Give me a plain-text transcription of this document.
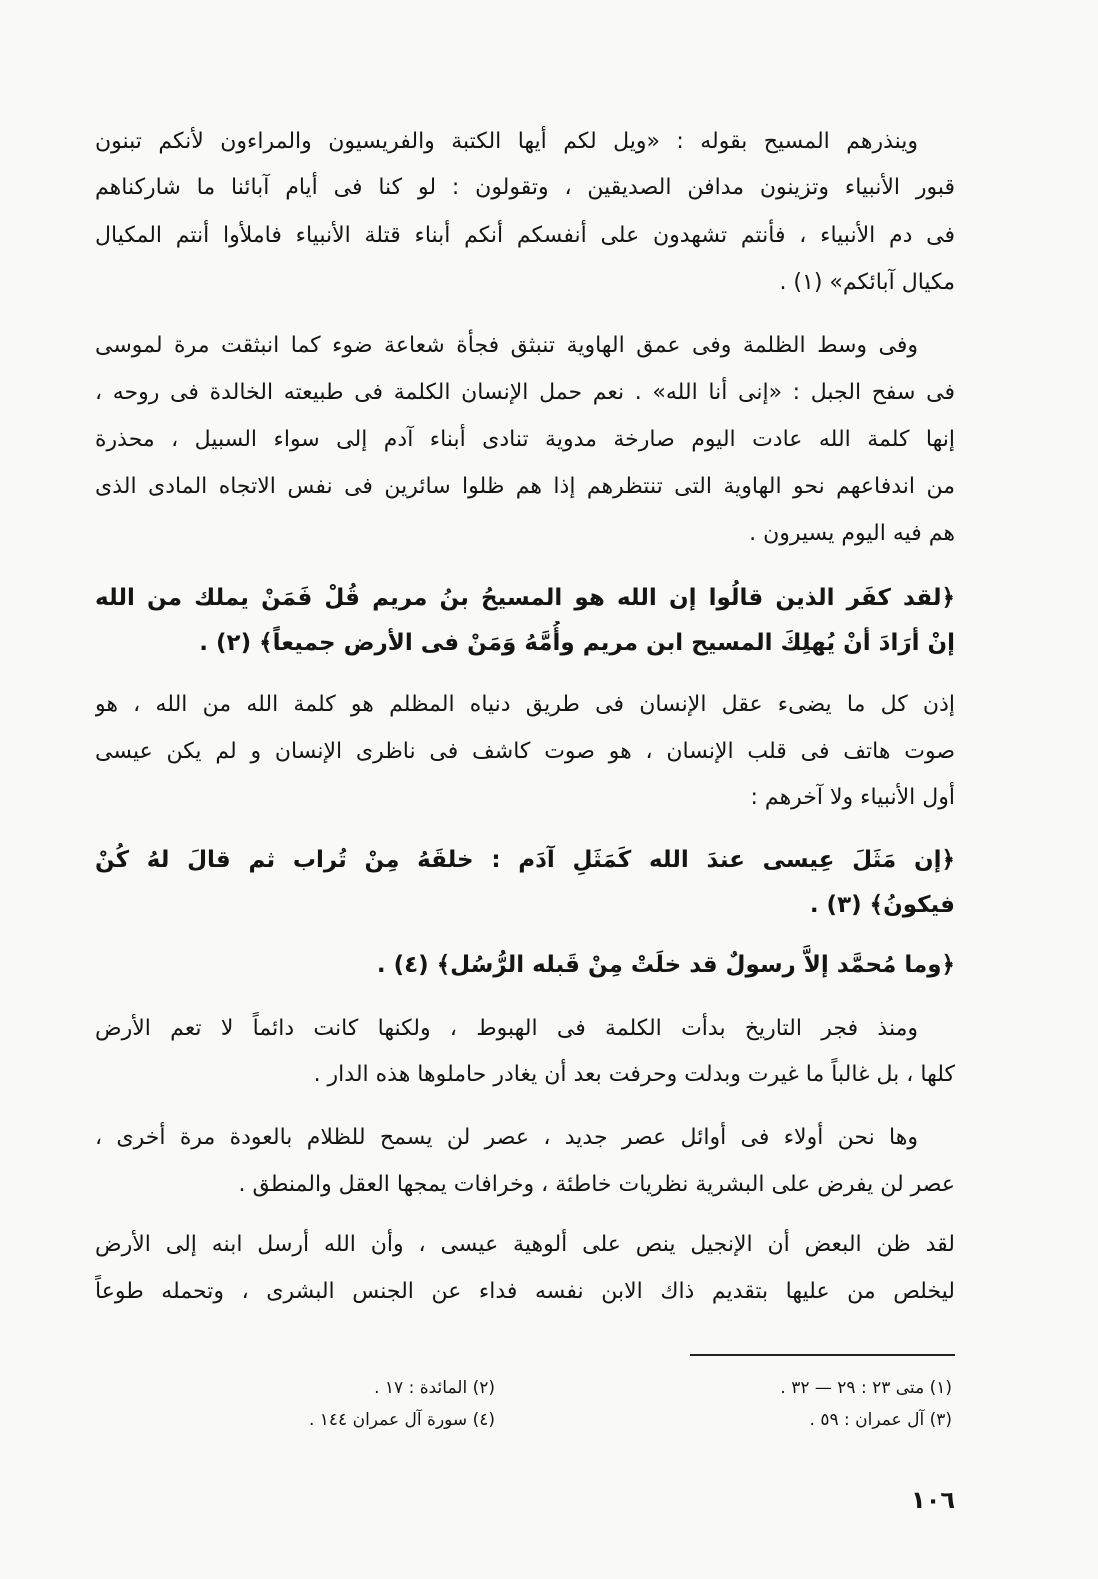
وينذرهم المسيح بقوله : «ويل لكم أيها الكتبة والفريسيون والمراءون لأنكم تبنون
قبور الأنبياء وتزينون مدافن الصديقين ، وتقولون : لو كنا فى أيام آبائنا ما شاركناهم
فى دم الأنبياء ، فأنتم تشهدون على أنفسكم أنكم أبناء قتلة الأنبياء فاملأوا أنتم المكيال
مكيال آبائكم» (١) .
وفى وسط الظلمة وفى عمق الهاوية تنبثق فجأة شعاعة ضوء كما انبثقت مرة لموسى
فى سفح الجبل : «إنى أنا الله» . نعم حمل الإنسان الكلمة فى طبيعته الخالدة فى روحه ،
إنها كلمة الله عادت اليوم صارخة مدوية تنادى أبناء آدم إلى سواء السبيل ، محذرة
من اندفاعهم نحو الهاوية التى تنتظرهم إذا هم ظلوا سائرين فى نفس الاتجاه المادى الذى
هم فيه اليوم يسيرون .
﴿لقد كفَر الذين قالُوا إن الله هو المسيحُ بنُ مريم قُلْ فَمَنْ يملك من الله
إنْ أرَادَ أنْ يُهلِكَ المسيح ابن مريم وأُمَّهُ وَمَنْ فى الأرض جميعاً﴾ (٢) .
إذن كل ما يضىء عقل الإنسان فى طريق دنياه المظلم هو كلمة الله من الله ، هو
صوت هاتف فى قلب الإنسان ، هو صوت كاشف فى ناظرى الإنسان و لم يكن عيسى
أول الأنبياء ولا آخرهم :
﴿إن مَثَلَ عِيسى عندَ الله كَمَثَلِ آدَم : خلقَهُ مِنْ تُراب ثم قالَ لهُ كُنْ
فيكونُ﴾ (٣) .
﴿وما مُحمَّد إلاَّ رسولٌ قد خلَتْ مِنْ قَبله الرُّسُل﴾ (٤) .
ومنذ فجر التاريخ بدأت الكلمة فى الهبوط ، ولكنها كانت دائماً لا تعم الأرض
كلها ، بل غالباً ما غيرت وبدلت وحرفت بعد أن يغادر حاملوها هذه الدار .
وها نحن أولاء فى أوائل عصر جديد ، عصر لن يسمح للظلام بالعودة مرة أخرى ،
عصر لن يفرض على البشرية نظريات خاطئة ، وخرافات يمجها العقل والمنطق .
لقد ظن البعض أن الإنجيل ينص على ألوهية عيسى ، وأن الله أرسل ابنه إلى الأرض
ليخلص من عليها بتقديم ذاك الابن نفسه فداء عن الجنس البشرى ، وتحمله طوعاً
(١) متى ٢٣ : ٢٩ — ٣٢ .
(٢) المائدة : ١٧ .
(٣) آل عمران : ٥٩ .
(٤) سورة آل عمران ١٤٤ .
١٠٦
